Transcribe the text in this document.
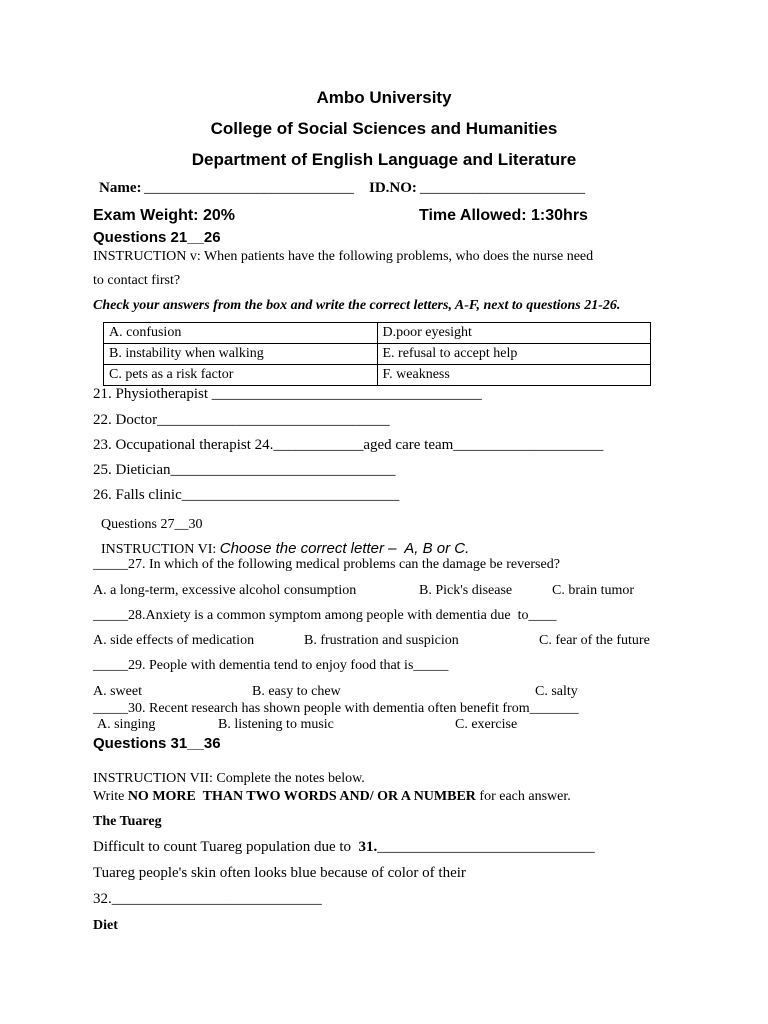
Ambo University
College of Social Sciences and Humanities
Department of English Language and Literature
Name: ____________________________ ID.NO: ______________________
Exam Weight: 20%	Time Allowed: 1:30hrs
Questions 21__26
INSTRUCTION v: When patients have the following problems, who does the nurse need
to contact first?
Check your answers from the box and write the correct letters, A-F, next to questions 21-26.
A. confusion	D.poor eyesight
B. instability when walking	E. refusal to accept help
C. pets as a risk factor	F. weakness
21. Physiotherapist ____________________________________
22. Doctor_______________________________
23. Occupational therapist 24.____________aged care team____________________
25. Dietician______________________________
26. Falls clinic_____________________________
Questions 27__30
INSTRUCTION VI: Choose the correct letter –  A, B or C.
_____27. In which of the following medical problems can the damage be reversed?
A. a long-term, excessive alcohol consumption	B. Pick's disease	C. brain tumor
_____28.Anxiety is a common symptom among people with dementia due  to____
A. side effects of medication	B. frustration and suspicion	C. fear of the future
_____29. People with dementia tend to enjoy food that is_____
A. sweet	B. easy to chew	C. salty
_____30. Recent research has shown people with dementia often benefit from_______
A. singing	B. listening to music	C. exercise
Questions 31__36
INSTRUCTION VII: Complete the notes below.
Write NO MORE  THAN TWO WORDS AND/ OR A NUMBER for each answer.
The Tuareg
Difficult to count Tuareg population due to  31._____________________________
Tuareg people's skin often looks blue because of color of their
32.____________________________
Diet
